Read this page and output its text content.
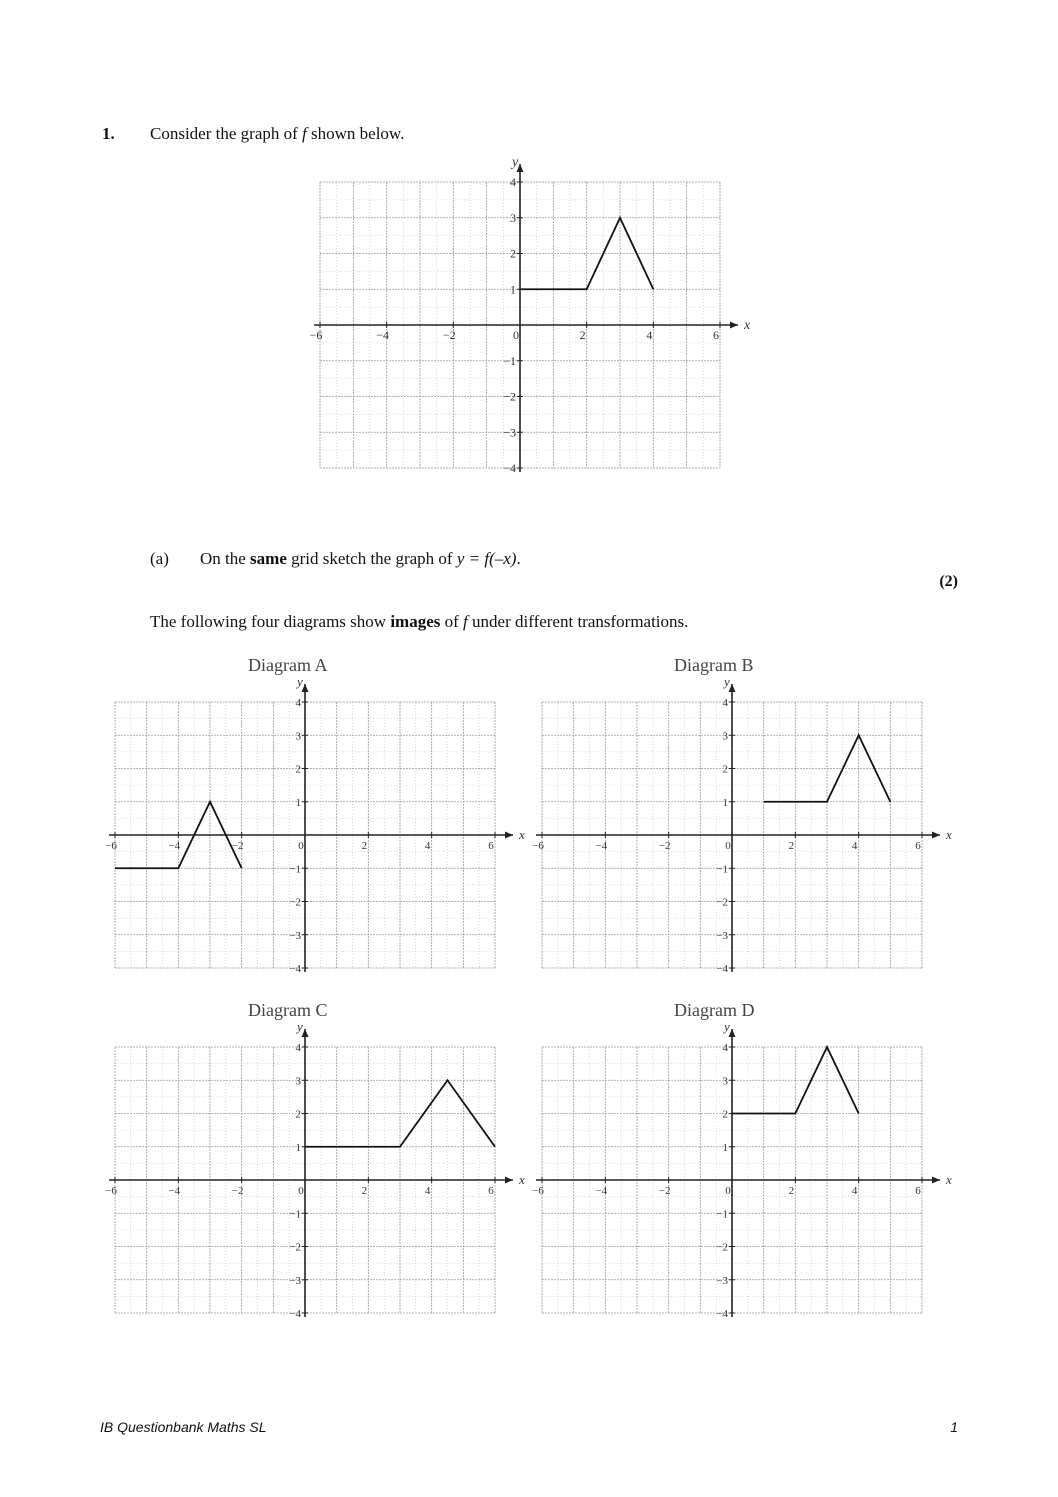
1. Consider the graph of f shown below.
x
y
−6	−4	−2	0	2	4	6
4
3
2
1
−1
−2
−3
−4
(a) On the same grid sketch the graph of y = f(–x).
(2)
The following four diagrams show images of f under different transformations.
Diagram A	Diagram B
Diagram C	Diagram D
x
y
−6	−4	−2	0	2	4	6
4
3
2
1
−1
−2
−3
−4
x
y
−6	−4	−2	0	2	4	6
4
3
2
1
−1
−2
−3
−4
x
y
−6	−4	−2	0	2	4	6
4
3
2
1
−1
−2
−3
−4
x
y
−6	−4	−2	0	2	4	6
4
3
2
1
−1
−2
−3
−4
IB Questionbank Maths SL	1
